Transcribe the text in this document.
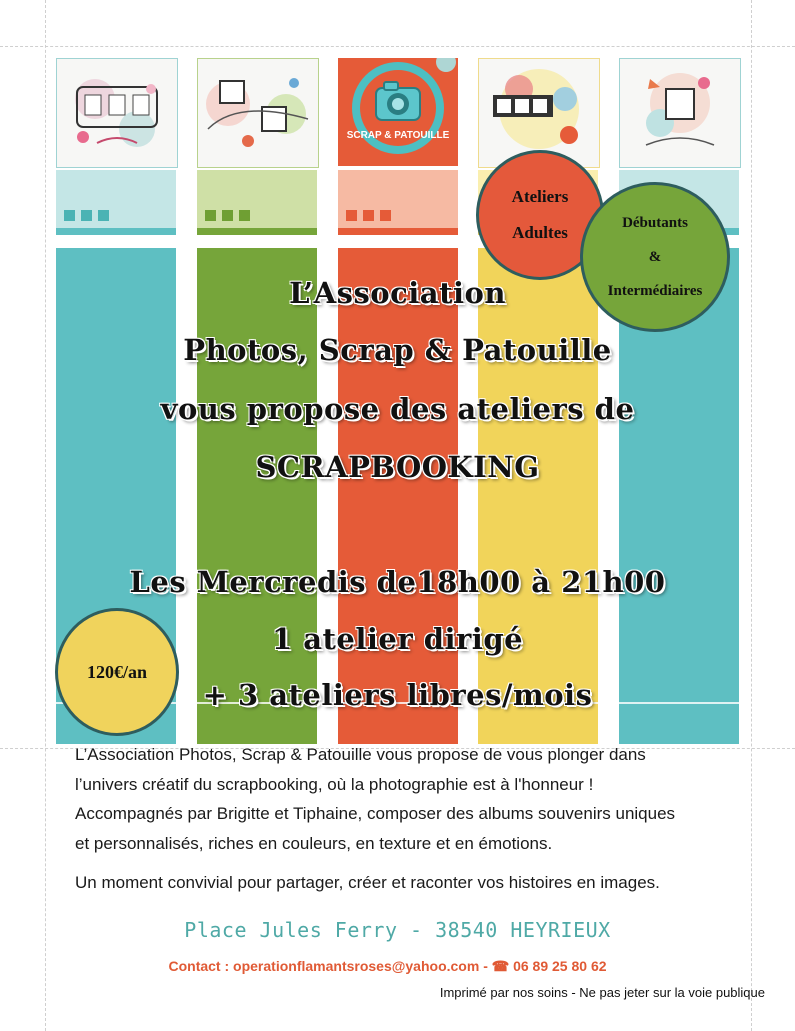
SCRAP & PATOUILLE
Ateliers
Adultes	Débutants
&
Intermédiaires
120€/an
L’Association
Photos, Scrap & Patouille
vous propose des ateliers de
SCRAPBOOKING
Les Mercredis de18h00 à 21h00
1 atelier dirigé
+ 3 ateliers libres/mois
L’Association Photos, Scrap & Patouille vous propose de vous plonger dans
l’univers créatif du scrapbooking, où la photographie est à l'honneur !
Accompagnés par Brigitte et Tiphaine, composer des albums souvenirs uniques
et personnalisés, riches en couleurs, en texture et en émotions.
Un moment convivial pour partager, créer et raconter vos histoires en images.
Place Jules Ferry - 38540 HEYRIEUX
Contact : operationflamantsroses@yahoo.com - ☎ 06 89 25 80 62
Imprimé par nos soins - Ne pas jeter sur la voie publique
